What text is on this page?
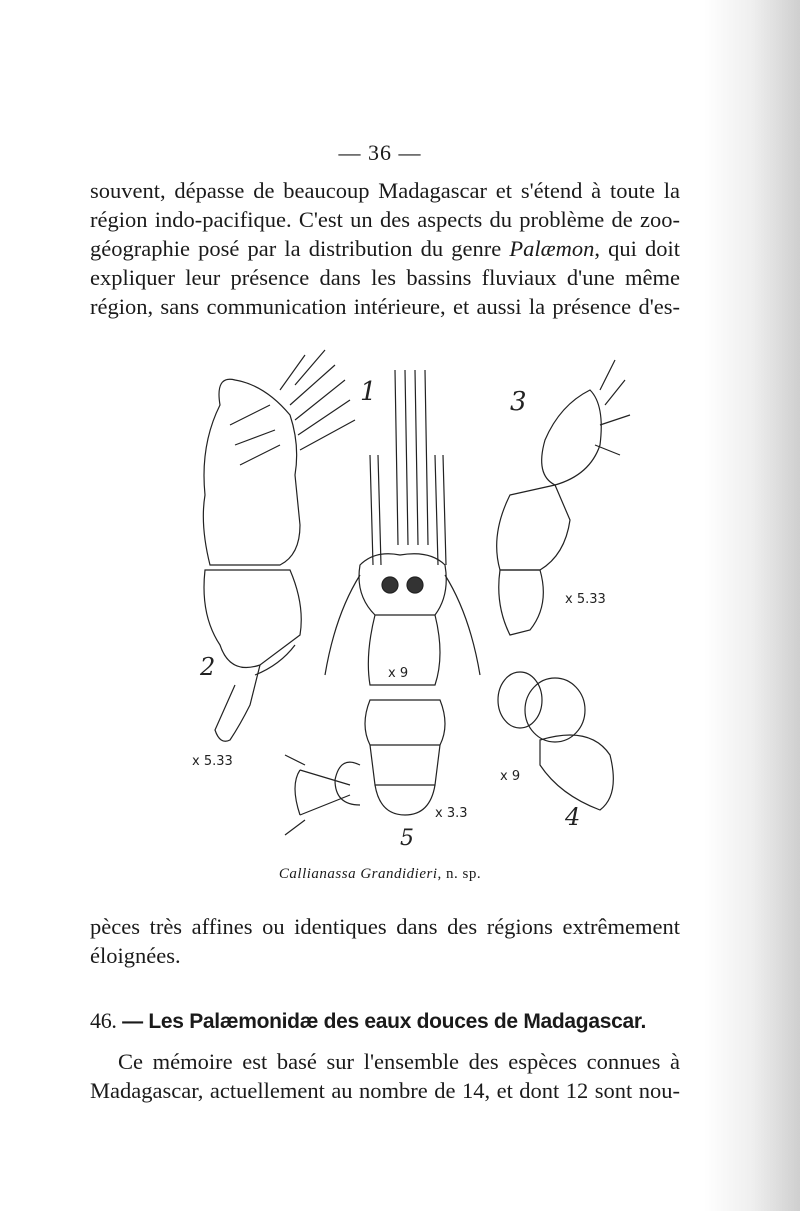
— 36 —
souvent, dépasse de beaucoup Madagascar et s'étend à toute la
région indo-pacifique. C'est un des aspects du problème de zoo-
géographie posé par la distribution du genre Palæmon, qui doit
expliquer leur présence dans les bassins fluviaux d'une même
région, sans communication intérieure, et aussi la présence d'es-
1
2
3
4
5
x 9
x 5.33
x 5.33
x 9
x 3.3
Callianassa Grandidieri, n. sp.
pèces très affines ou identiques dans des régions extrêmement
éloignées.
46. — Les Palæmonidæ des eaux douces de Madagascar.
Ce mémoire est basé sur l'ensemble des espèces connues à
Madagascar, actuellement au nombre de 14, et dont 12 sont nou-
